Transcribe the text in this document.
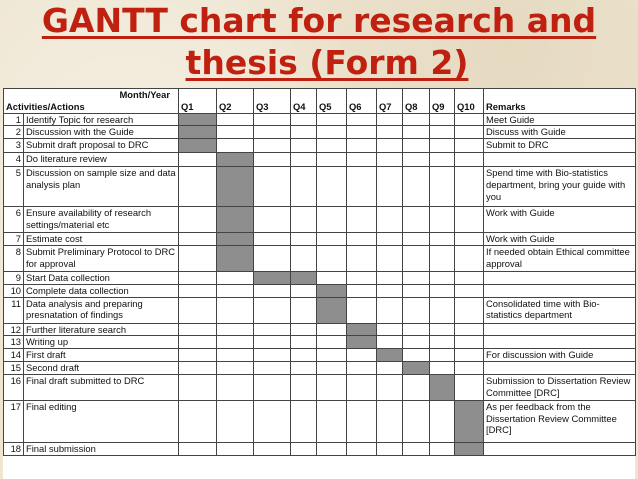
GANTT chart for research and
thesis (Form 2)
Month/Year
Activities/Actions		Q1	Q2	Q3	Q4	Q5	Q6	Q7	Q8	Q9	Q10	Remarks
1	Identify Topic for research											Meet Guide
2	Discussion with the Guide											Discuss with Guide
3	Submit draft proposal to DRC											Submit to DRC
4	Do literature review											
5	Discussion on sample size and data analysis plan											Spend time with Bio-statistics department, bring your guide with you
6	Ensure availability of research settings/material etc											Work with Guide
7	Estimate cost											Work with Guide
8	Submit Preliminary Protocol to DRC for approval											If needed obtain Ethical committee approval
9	Start Data collection											
10	Complete data collection											
11	Data analysis and preparing presnatation of findings											Consolidated time with Bio-statistics department
12	Further literature search											
13	Writing up											
14	First draft											For discussion with Guide
15	Second draft											
16	Final draft submitted to DRC											Submission to Dissertation Review Committee [DRC]
17	Final editing											As per feedback from the Dissertation Review Committee [DRC]
18	Final submission											
